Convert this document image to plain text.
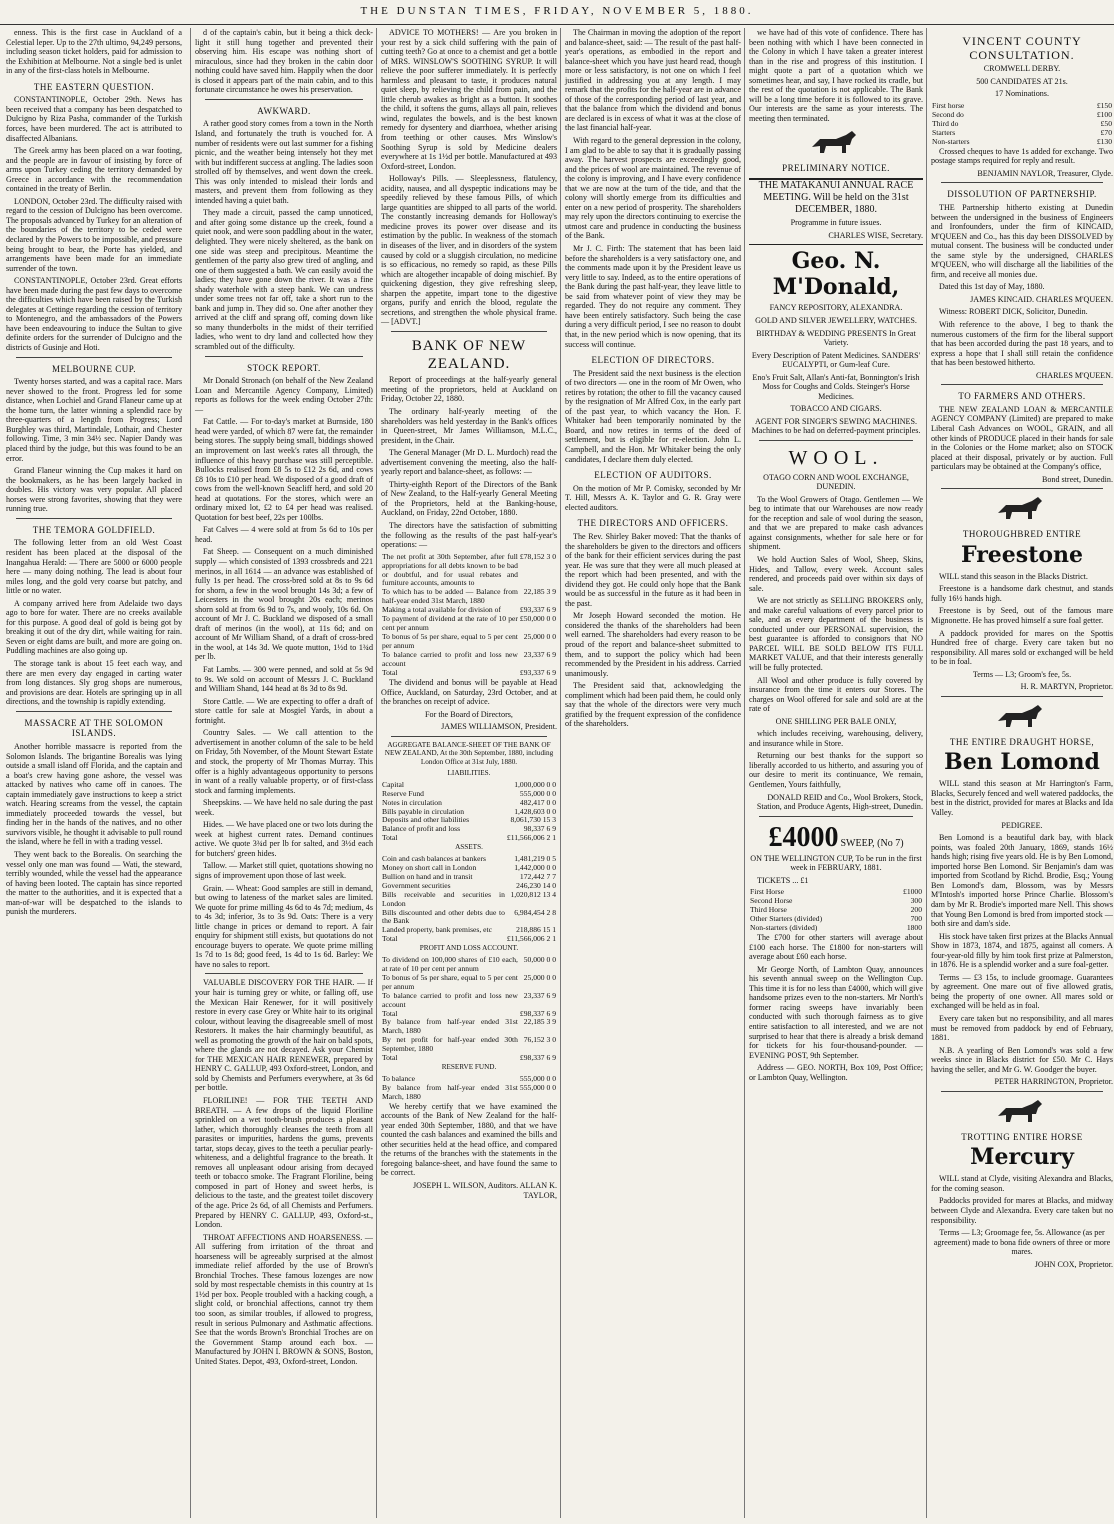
THE DUNSTAN TIMES, FRIDAY, NOVEMBER 5, 1880.

enness. This is the first case in Auckland of a Celestial leper. Up to the 27th ultimo, 94,249 persons, including season ticket holders, paid for admission to the Exhibition at Melbourne. Not a single bed is unlet in any of the first-class hotels in Melbourne.

THE EASTERN QUESTION.

CONSTANTINOPLE, October 29th. News has been received that a company has been despatched to Dulcigno by Riza Pasha, commander of the Turkish forces, have been murdered. The act is attributed to disaffected Albanians.

The Greek army has been placed on a war footing, and the people are in favour of insisting by force of arms upon Turkey ceding the territory demanded by Greece in accordance with the recommendation contained in the treaty of Berlin.

LONDON, October 23rd. The difficulty raised with regard to the cession of Dulcigno has been overcome. The proposals advanced by Turkey for an alteration of the boundaries of the territory to be ceded were declared by the Powers to be impossible, and pressure being brought to bear, the Porte has yielded, and arrangements have been made for an immediate surrender of the town.

CONSTANTINOPLE, October 23rd. Great efforts have been made during the past few days to overcome the difficulties which have been raised by the Turkish delegates at Cettinge regarding the cession of territory to Montenegro, and the ambassadors of the Powers have been endeavouring to induce the Sultan to give definite orders for the surrender of Dulcigno and the districts of Gusinje and Hoti.

MELBOURNE CUP.

Twenty horses started, and was a capital race. Mars never showed to the front. Progress led for some distance, when Lochiel and Grand Flaneur came up at the home turn, the latter winning a splendid race by three-quarters of a length from Progress; Lord Burghley was third, Martindale, Lothair, and Chester following. Time, 3 min 34½ sec. Napier Dandy was placed third by the judge, but this was found to be an error.

Grand Flaneur winning the Cup makes it hard on the bookmakers, as he has been largely backed in doubles. His victory was very popular. All placed horses were strong favorites, showing that they were running true.

THE TEMORA GOLDFIELD.

The following letter from an old West Coast resident has been placed at the disposal of the Inangahua Herald: — There are 5000 or 6000 people here — many doing nothing. The lead is about four miles long, and the gold very coarse but patchy, and little or no water.

A company arrived here from Adelaide two days ago to bore for water. There are no creeks available for this purpose. A good deal of gold is being got by breaking it out of the dry dirt, while waiting for rain. Seven or eight dams are built, and more are going on. Puddling machines are also going up.

The storage tank is about 15 feet each way, and there are men every day engaged in carting water from long distances. Sly grog shops are numerous, and provisions are dear. Hotels are springing up in all directions, and the township is rapidly extending.

MASSACRE AT THE SOLOMON ISLANDS.

Another horrible massacre is reported from the Solomon Islands. The brigantine Borealis was lying outside a small island off Florida, and the captain and a boat's crew having gone ashore, the vessel was attacked by natives who came off in canoes. The captain immediately gave instructions to keep a strict watch. Hearing screams from the vessel, the captain immediately proceeded towards the vessel, but finding her in the hands of the natives, and no other survivors visible, he thought it advisable to pull round the island, where he fell in with a trading vessel.

They went back to the Borealis. On searching the vessel only one man was found — Wati, the steward, terribly wounded, while the vessel had the appearance of having been looted. The captain has since reported the matter to the authorities, and it is expected that a man-of-war will be despatched to the islands to punish the murderers.

d of the captain's cabin, but it being a thick deck-light it still hung together and prevented their observing him. His escape was nothing short of miraculous, since had they broken in the cabin door nothing could have saved him. Happily when the door is closed it appears part of the main cabin, and to this fortunate circumstance he owes his preservation.

AWKWARD.

A rather good story comes from a town in the North Island, and fortunately the truth is vouched for. A number of residents were out last summer for a fishing picnic, and the weather being intensely hot they met with but indifferent success at angling. The ladies soon strolled off by themselves, and went down the creek. This was only intended to mislead their lords and masters, and prevent them from following as they intended having a quiet bath.

They made a circuit, passed the camp unnoticed, and after going some distance up the creek, found a quiet nook, and were soon paddling about in the water, delighted. They were nicely sheltered, as the bank on one side was steep and precipitous. Meantime the gentlemen of the party also grew tired of angling, and one of them suggested a bath. We can easily avoid the ladies; they have gone down the river. It was a fine shady waterhole with a steep bank. We can undress under some trees not far off, take a short run to the bank and jump in. They did so. One after another they arrived at the cliff and sprang off, coming down like so many thunderbolts in the midst of their terrified ladies, who went to dry land and collected how they scrambled out of the difficulty.

STOCK REPORT.

Mr Donald Stronach (on behalf of the New Zealand Loan and Mercantile Agency Company, Limited) reports as follows for the week ending October 27th: —

Fat Cattle. — For to-day's market at Burnside, 180 head were yarded, of which 87 were fat, the remainder being stores. The supply being small, biddings showed an improvement on last week's rates all through, the influence of this heavy purchase was still perceptible. Bullocks realised from £8 5s to £12 2s 6d, and cows £8 10s to £10 per head. We disposed of a good draft of cows from the well-known Seacliff herd, and sold 20 head at quotations. For the stores, which were an ordinary mixed lot, £2 to £4 per head was realised. Quotation for best beef, 22s per 100lbs.

Fat Calves — 4 were sold at from 5s 6d to 10s per head.

Fat Sheep. — Consequent on a much diminished supply — which consisted of 1393 crossbreds and 221 merinos, in all 1614 — an advance was established of fully 1s per head. The cross-bred sold at 8s to 9s 6d for shorn, a few in the wool brought 14s 3d; a few of Leicesters in the wool brought 20s each; merinos shorn sold at from 6s 9d to 7s, and wooly, 10s 6d. On account of Mr J. C. Buckland we disposed of a small draft of merinos (in the wool), at 11s 6d; and on account of Mr William Shand, of a draft of cross-bred in the wool, at 14s 3d. We quote mutton, 1½d to 1¾d per lb.

Fat Lambs. — 300 were penned, and sold at 5s 9d to 9s. We sold on account of Messrs J. C. Buckland and William Shand, 144 head at 8s 3d to 8s 9d.

Store Cattle. — We are expecting to offer a draft of store cattle for sale at Mosgiel Yards, in about a fortnight.

Country Sales. — We call attention to the advertisement in another column of the sale to be held on Friday, 5th November, of the Mount Stewart Estate and stock, the property of Mr Thomas Murray. This offer is a highly advantageous opportunity to persons in want of a really valuable property, or of first-class stock and farming implements.

Sheepskins. — We have held no sale during the past week.

Hides. — We have placed one or two lots during the week at highest current rates. Demand continues active. We quote 3¾d per lb for salted, and 3½d each for butchers' green hides.

Tallow. — Market still quiet, quotations showing no signs of improvement upon those of last week.

Grain. — Wheat: Good samples are still in demand, but owing to lateness of the market sales are limited. We quote for prime milling 4s 6d to 4s 7d; medium, 4s to 4s 3d; inferior, 3s to 3s 9d. Oats: There is a very little change in prices or demand to report. A fair enquiry for shipment still exists, but quotations do not encourage buyers to operate. We quote prime milling 1s 7d to 1s 8d; good feed, 1s 4d to 1s 6d. Barley: We have no sales to report.

VALUABLE DISCOVERY FOR THE HAIR. — If your hair is turning grey or white, or falling off, use the Mexican Hair Renewer, for it will positively restore in every case Grey or White hair to its original colour, without leaving the disagreeable smell of most Restorers. It makes the hair charmingly beautiful, as well as promoting the growth of the hair on bald spots, where the glands are not decayed. Ask your Chemist for THE MEXICAN HAIR RENEWER, prepared by HENRY C. GALLUP, 493 Oxford-street, London, and sold by Chemists and Perfumers everywhere, at 3s 6d per bottle.

FLORILINE! — FOR THE TEETH AND BREATH. — A few drops of the liquid Floriline sprinkled on a wet tooth-brush produces a pleasant lather, which thoroughly cleanses the teeth from all parasites or impurities, hardens the gums, prevents tartar, stops decay, gives to the teeth a peculiar pearly-whiteness, and a delightful fragrance to the breath. It removes all unpleasant odour arising from decayed teeth or tobacco smoke. The Fragrant Floriline, being composed in part of Honey and sweet herbs, is delicious to the taste, and the greatest toilet discovery of the age. Price 2s 6d, of all Chemists and Perfumers. Prepared by HENRY C. GALLUP, 493, Oxford-st., London.

THROAT AFFECTIONS AND HOARSENESS. — All suffering from irritation of the throat and hoarseness will be agreeably surprised at the almost immediate relief afforded by the use of Brown's Bronchial Troches. These famous lozenges are now sold by most respectable chemists in this country at 1s 1½d per box. People troubled with a hacking cough, a slight cold, or bronchial affections, cannot try them too soon, as similar troubles, if allowed to progress, result in serious Pulmonary and Asthmatic affections. See that the words Brown's Bronchial Troches are on the Government Stamp around each box. — Manufactured by JOHN I. BROWN & SONS, Boston, United States. Depot, 493, Oxford-street, London.

ADVICE TO MOTHERS! — Are you broken in your rest by a sick child suffering with the pain of cutting teeth? Go at once to a chemist and get a bottle of MRS. WINSLOW'S SOOTHING SYRUP. It will relieve the poor sufferer immediately. It is perfectly harmless and pleasant to taste, it produces natural quiet sleep, by relieving the child from pain, and the little cherub awakes as bright as a button. It soothes the child, it softens the gums, allays all pain, relieves wind, regulates the bowels, and is the best known remedy for dysentery and diarrhoea, whether arising from teething or other causes. Mrs Winslow's Soothing Syrup is sold by Medicine dealers everywhere at 1s 1½d per bottle. Manufactured at 493 Oxford-street, London.

Holloway's Pills. — Sleeplessness, flatulency, acidity, nausea, and all dyspeptic indications may be speedily relieved by these famous Pills, of which large quantities are shipped to all parts of the world. The constantly increasing demands for Holloway's medicine proves its power over disease and its estimation by the public. In weakness of the stomach in diseases of the liver, and in disorders of the system caused by cold or a sluggish circulation, no medicine is so efficacious, no remedy so rapid, as these Pills which are altogether incapable of doing mischief. By quickening digestion, they give refreshing sleep, sharpen the appetite, impart tone to the digestive organs, purify and enrich the blood, regulate the secretions, and strengthen the whole physical frame. — [ADVT.]

BANK OF NEW ZEALAND.

Report of proceedings at the half-yearly general meeting of the proprietors, held at Auckland on Friday, October 22, 1880.

The ordinary half-yearly meeting of the shareholders was held yesterday in the Bank's offices in Queen-street, Mr James Williamson, M.L.C., president, in the Chair.

The General Manager (Mr D. L. Murdoch) read the advertisement convening the meeting, also the half-yearly report and balance-sheet, as follows: —

Thirty-eighth Report of the Directors of the Bank of New Zealand, to the Half-yearly General Meeting of the Proprietors, held at the Banking-house, Auckland, on Friday, 22nd October, 1880.

The directors have the satisfaction of submitting the following as the results of the past half-year's operations: —

The net profit at 30th September, after full appropriations for all debts known to be bad or doubtful, and for usual rebates and furniture accounts, amounts to	£78,152 3 0
To which has to be added — Balance from half-year ended 31st March, 1880	22,185 3 9
Making a total available for division of	£93,337 6 9
To payment of dividend at the rate of 10 per cent per annum	£50,000 0 0
To bonus of 5s per share, equal to 5 per cent per annum	25,000 0 0
To balance carried to profit and loss new account	23,337 6 9
Total	£93,337 6 9

The dividend and bonus will be payable at Head Office, Auckland, on Saturday, 23rd October, and at the branches on receipt of advice.

For the Board of Directors,

JAMES WILLIAMSON, President.

AGGREGATE BALANCE-SHEET OF THE BANK OF NEW ZEALAND, At the 30th September, 1880, including London Office at 31st July, 1880.

LIABILITIES.

Capital	1,000,000 0 0
Reserve Fund	555,000 0 0
Notes in circulation	482,417 0 0
Bills payable in circulation	1,428,603 0 0
Deposits and other liabilities	8,061,730 15 3
Balance of profit and loss	98,337 6 9
Total	£11,566,006 2 1

ASSETS.

Coin and cash balances at bankers	1,481,219 0 5
Money on short call in London	1,442,000 0 0
Bullion on hand and in transit	172,442 7 7
Government securities	246,230 14 0
Bills receivable and securities in London	1,020,812 13 4
Bills discounted and other debts due to the Bank	6,984,454 2 8
Landed property, bank premises, etc	218,886 15 1
Total	£11,566,006 2 1

PROFIT AND LOSS ACCOUNT.

To dividend on 100,000 shares of £10 each, at rate of 10 per cent per annum	50,000 0 0
To bonus of 5s per share, equal to 5 per cent per annum	25,000 0 0
To balance carried to profit and loss new account	23,337 6 9
Total	£98,337 6 9
By balance from half-year ended 31st March, 1880	22,185 3 9
By net profit for half-year ended 30th September, 1880	76,152 3 0
Total	£98,337 6 9

RESERVE FUND.

To balance	555,000 0 0
By balance from half-year ended 31st March, 1880	555,000 0 0

We hereby certify that we have examined the accounts of the Bank of New Zealand for the half-year ended 30th September, 1880, and that we have counted the cash balances and examined the bills and other securities held at the head office, and compared the returns of the branches with the statements in the foregoing balance-sheet, and have found the same to be correct.

JOSEPH L. WILSON, Auditors. ALLAN K. TAYLOR,

The Chairman in moving the adoption of the report and balance-sheet, said: — The result of the past half-year's operations, as embodied in the report and balance-sheet which you have just heard read, though more or less satisfactory, is not one on which I feel justified in addressing you at any length. I may remark that the profits for the half-year are in advance of those of the corresponding period of last year, and that the balance from which the dividend and bonus are declared is in excess of what it was at the close of the last financial half-year.

With regard to the general depression in the colony, I am glad to be able to say that it is gradually passing away. The harvest prospects are exceedingly good, and the prices of wool are maintained. The revenue of the colony is improving, and I have every confidence that we are now at the turn of the tide, and that the colony will shortly emerge from its difficulties and enter on a new period of prosperity. The shareholders may rely upon the directors continuing to exercise the utmost care and prudence in conducting the business of the Bank.

Mr J. C. Firth: The statement that has been laid before the shareholders is a very satisfactory one, and the comments made upon it by the President leave us very little to say. Indeed, as to the entire operations of the Bank during the past half-year, they leave little to be said from whatever point of view they may be regarded. They do not require any comment. They have been entirely satisfactory. Such being the case during a very difficult period, I see no reason to doubt that, in the new period which is now opening, that its success will continue.

ELECTION OF DIRECTORS.

The President said the next business is the election of two directors — one in the room of Mr Owen, who retires by rotation; the other to fill the vacancy caused by the resignation of Mr Alfred Cox, in the early part of the past year, to which vacancy the Hon. F. Whitaker had been temporarily nominated by the Board, and now retires in terms of the deed of settlement, but is eligible for re-election. John L. Campbell, and the Hon. Mr Whitaker being the only candidates, I declare them duly elected.

ELECTION OF AUDITORS.

On the motion of Mr P. Comisky, seconded by Mr T. Hill, Messrs A. K. Taylor and G. R. Gray were elected auditors.

THE DIRECTORS AND OFFICERS.

The Rev. Shirley Baker moved: That the thanks of the shareholders be given to the directors and officers of the bank for their efficient services during the past year. He was sure that they were all much pleased at the report which had been presented, and with the dividend they got. He could only hope that the Bank would be as successful in the future as it had been in the past.

Mr Joseph Howard seconded the motion. He considered the thanks of the shareholders had been well earned. The shareholders had every reason to be proud of the report and balance-sheet submitted to them, and to support the policy which had been recommended by the President in his address. Carried unanimously.

The President said that, acknowledging the compliment which had been paid them, he could only say that the whole of the directors were very much gratified by the frequent expression of the confidence of the shareholders.

we have had of this vote of confidence. There has been nothing with which I have been connected in the Colony in which I have taken a greater interest than in the rise and progress of this institution. I might quote a part of a quotation which we sometimes hear, and say, I have rocked its cradle, but the rest of the quotation is not applicable. The Bank will be a long time before it is followed to its grave. Our interests are the same as your interests. The meeting then terminated.

PRELIMINARY NOTICE.

THE MATAKANUI ANNUAL RACE MEETING. Will be held on the 31st DECEMBER, 1880.

Programme in future issues.

CHARLES WISE, Secretary.

Geo. N. M'Donald,

FANCY REPOSITORY, ALEXANDRA.

GOLD AND SILVER JEWELLERY, WATCHES.

BIRTHDAY & WEDDING PRESENTS In Great Variety.

Every Description of Patent Medicines. SANDERS' EUCALYPTI, or Gum-leaf Cure.

Eno's Fruit Salt, Allan's Anti-fat, Bonnington's Irish Moss for Coughs and Colds. Steinger's Horse Medicines.

TOBACCO AND CIGARS.

AGENT FOR SINGER'S SEWING MACHINES. Machines to be had on deferred-payment principles.

WOOL.

OTAGO CORN AND WOOL EXCHANGE, DUNEDIN.

To the Wool Growers of Otago. Gentlemen — We beg to intimate that our Warehouses are now ready for the reception and sale of wool during the season, and that we are prepared to make cash advances against consignments, whether for sale here or for shipment.

We hold Auction Sales of Wool, Sheep, Skins, Hides, and Tallow, every week. Account sales rendered, and proceeds paid over within six days of sale.

We are not strictly as SELLING BROKERS only, and make careful valuations of every parcel prior to sale, and as every department of the business is conducted under our PERSONAL supervision, the best guarantee is afforded to consignors that NO PARCEL WILL BE SOLD BELOW ITS FULL MARKET VALUE, and that their interests generally will be fully protected.

All Wool and other produce is fully covered by insurance from the time it enters our Stores. The charges on Wool offered for sale and sold are at the rate of

ONE SHILLING PER BALE ONLY,

which includes receiving, warehousing, delivery, and insurance while in Store.

Returning our best thanks for the support so liberally accorded to us hitherto, and assuring you of our desire to merit its continuance, We remain, Gentlemen, Yours faithfully,

DONALD REID and Co., Wool Brokers, Stock, Station, and Produce Agents, High-street, Dunedin.

£4000 SWEEP, (No 7)

ON THE WELLINGTON CUP, To be run in the first week in FEBRUARY, 1881.

TICKETS ... £1

First Horse	£1000
Second Horse	300
Third Horse	200
Other Starters (divided)	700
Non-starters (divided)	1800

The £700 for other starters will average about £100 each horse. The £1800 for non-starters will average about £60 each horse.

Mr George North, of Lambton Quay, announces his seventh annual sweep on the Wellington Cup. This time it is for no less than £4000, which will give handsome prizes even to the non-starters. Mr North's former racing sweeps have invariably been conducted with such thorough fairness as to give entire satisfaction to all interested, and we are not surprised to hear that there is already a brisk demand for tickets for his four-thousand-pounder. — EVENING POST, 9th September.

Address — GEO. NORTH, Box 109, Post Office; or Lambton Quay, Wellington.

VINCENT COUNTY CONSULTATION.

CROMWELL DERBY.

500 CANDIDATES AT 21s.

17 Nominations.

First horse	£150
Second do	£100
Third do	£50
Starters	£70
Non-starters	£130

Crossed cheques to have 1s added for exchange. Two postage stamps required for reply and result.

BENJAMIN NAYLOR, Treasurer, Clyde.

DISSOLUTION OF PARTNERSHIP.

THE Partnership hitherto existing at Dunedin between the undersigned in the business of Engineers and Ironfounders, under the firm of KINCAID, M'QUEEN and Co., has this day been DISSOLVED by mutual consent. The business will be conducted under the same style by the undersigned, CHARLES M'QUEEN, who will discharge all the liabilities of the firm, and receive all monies due.

Dated this 1st day of May, 1880.

JAMES KINCAID. CHARLES M'QUEEN.

Witness: ROBERT DICK, Solicitor, Dunedin.

With reference to the above, I beg to thank the numerous customers of the firm for the liberal support that has been accorded during the past 18 years, and to express a hope that I shall still retain the confidence that has been bestowed hitherto.

CHARLES M'QUEEN.

TO FARMERS AND OTHERS.

THE NEW ZEALAND LOAN & MERCANTILE AGENCY COMPANY (Limited) are prepared to make Liberal Cash Advances on WOOL, GRAIN, and all other kinds of PRODUCE placed in their hands for sale in the Colonies or the Home market; also on STOCK placed at their disposal, privately or by auction. Full particulars may be obtained at the Company's office,

Bond street, Dunedin.

THOROUGHBRED ENTIRE
Freestone

WILL stand this season in the Blacks District.

Freestone is a handsome dark chestnut, and stands fully 16½ hands high.

Freestone is by Seed, out of the famous mare Mignonette. He has proved himself a sure foal getter.

A paddock provided for mares on the Spottis Hundred free of charge. Every care taken but no responsibility. All mares sold or exchanged will be held to be in foal.

Terms — L3; Groom's fee, 5s.

H. R. MARTYN, Proprietor.

THE ENTIRE DRAUGHT HORSE,
Ben Lomond

WILL stand this season at Mr Harrington's Farm, Blacks, Securely fenced and well watered paddocks, the best in the district, provided for mares at Blacks and Ida Valley.

PEDIGREE.

Ben Lomond is a beautiful dark bay, with black points, was foaled 20th January, 1869, stands 16½ hands high; rising five years old. He is by Ben Lomond, imported horse Ben Lomond. Sir Benjamin's dam was imported from Scotland by Richd. Brodie, Esq.; Young Ben Lomond's dam, Blossom, was by Messrs M'Intosh's imported horse Prince Charlie. Blossom's dam by Mr R. Brodie's imported mare Nell. This shows that Young Ben Lomond is bred from imported stock — both sire and dam's side.

His stock have taken first prizes at the Blacks Annual Show in 1873, 1874, and 1875, against all comers. A four-year-old filly by him took first prize at Palmerston, in 1876. He is a splendid worker and a sure foal-getter.

Terms — £3 15s, to include groomage. Guarantees by agreement. One mare out of five allowed gratis, being the property of one owner. All mares sold or exchanged will be held as in foal.

Every care taken but no responsibility, and all mares must be removed from paddock by end of February, 1881.

N.B. A yearling of Ben Lomond's was sold a few weeks since in Blacks district for £50. Mr C. Hays having the seller, and Mr G. W. Goodger the buyer.

PETER HARRINGTON, Proprietor.

TROTTING ENTIRE HORSE
Mercury

WILL stand at Clyde, visiting Alexandra and Blacks, for the coming season.

Paddocks provided for mares at Blacks, and midway between Clyde and Alexandra. Every care taken but no responsibility.

Terms — L3; Groomage fee, 5s. Allowance (as per agreement) made to bona fide owners of three or more mares.

JOHN COX, Proprietor.
